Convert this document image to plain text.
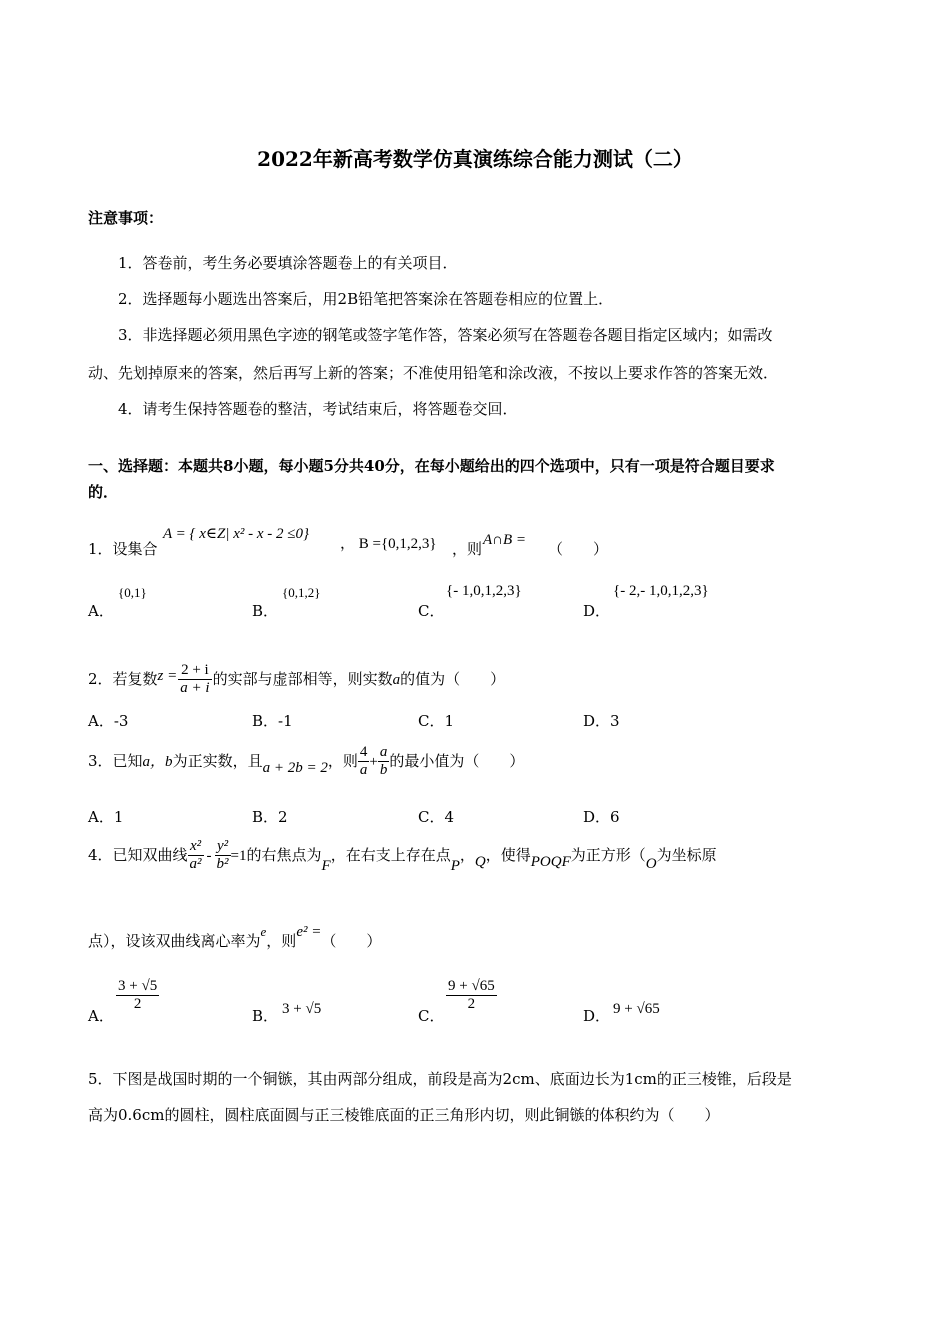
2022年新高考数学仿真演练综合能力测试（二）
注意事项：
1．答卷前，考生务必要填涂答题卷上的有关项目．
2．选择题每小题选出答案后，用2B铅笔把答案涂在答题卷相应的位置上．
3．非选择题必须用黑色字迹的钢笔或签字笔作答，答案必须写在答题卷各题目指定区域内；如需改
动、先划掉原来的答案，然后再写上新的答案；不准使用铅笔和涂改液，不按以上要求作答的答案无效．
4．请考生保持答题卷的整洁，考试结束后，将答题卷交回．
一、选择题：本题共8小题，每小题5分共40分，在每小题给出的四个选项中，只有一项是符合题目要求
的．
1．设集合
A = { x∈Z| x² - x - 2 ≤0}
， B ={0,1,2,3} ，则 A∩B = （　　）
A．
{0,1}
B．
{0,1,2}
C．
{- 1,0,1,2,3}
D．
{- 2,- 1,0,1,2,3}
2．若复数$z = \frac{2 + i}{a + i}$ 的实部与虚部相等，则实数a的值为（　　）
A．-3	B．-1	C．1	D．3
3．已知a，b为正实数，且a + 2b = 2，则 $\frac{4}{a} + \frac{a}{b}$ 的最小值为（　　）
A．1	B．2	C．4	D．6
4．已知双曲线 $\frac{\text{x²}}{\text{a²}} - \frac{\text{y²}}{\text{b²}} =1$的右焦点为F，在右支上存在点P，Q，使得POQF为正方形（O为坐标原
点），设该双曲线离心率为e，则e² =（　　）
A．
$\frac{3 + √5}{2}$
B． 3 + √5	C．
$\frac{9 + √65}{2}$
D． 9 + √65
5．下图是战国时期的一个铜镞，其由两部分组成，前段是高为2cm、底面边长为1cm的正三棱锥，后段是
高为0.6cm的圆柱，圆柱底面圆与正三棱锥底面的正三角形内切，则此铜镞的体积约为（　　）
